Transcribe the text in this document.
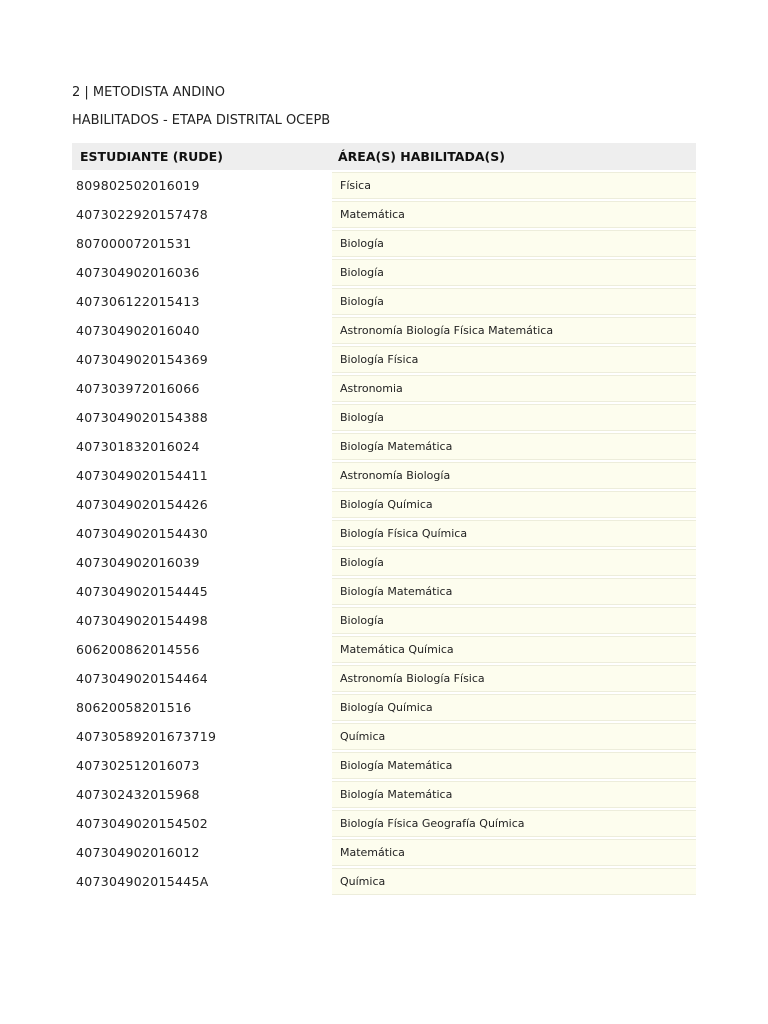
2 | METODISTA ANDINO
HABILITADOS - ETAPA DISTRITAL OCEPB
ESTUDIANTE (RUDE)	ÁREA(S) HABILITADA(S)
809802502016019	Física
4073022920157478	Matemática
80700007201531	Biología
407304902016036	Biología
407306122015413	Biología
407304902016040	Astronomía Biología Física Matemática
4073049020154369	Biología Física
407303972016066	Astronomia
4073049020154388	Biología
407301832016024	Biología Matemática
4073049020154411	Astronomía Biología
4073049020154426	Biología Química
4073049020154430	Biología Física Química
407304902016039	Biología
4073049020154445	Biología Matemática
4073049020154498	Biología
606200862014556	Matemática Química
4073049020154464	Astronomía Biología Física
80620058201516	Biología Química
40730589201673719	Química
407302512016073	Biología Matemática
407302432015968	Biología Matemática
4073049020154502	Biología Física Geografía Química
407304902016012	Matemática
407304902015445A	Química
